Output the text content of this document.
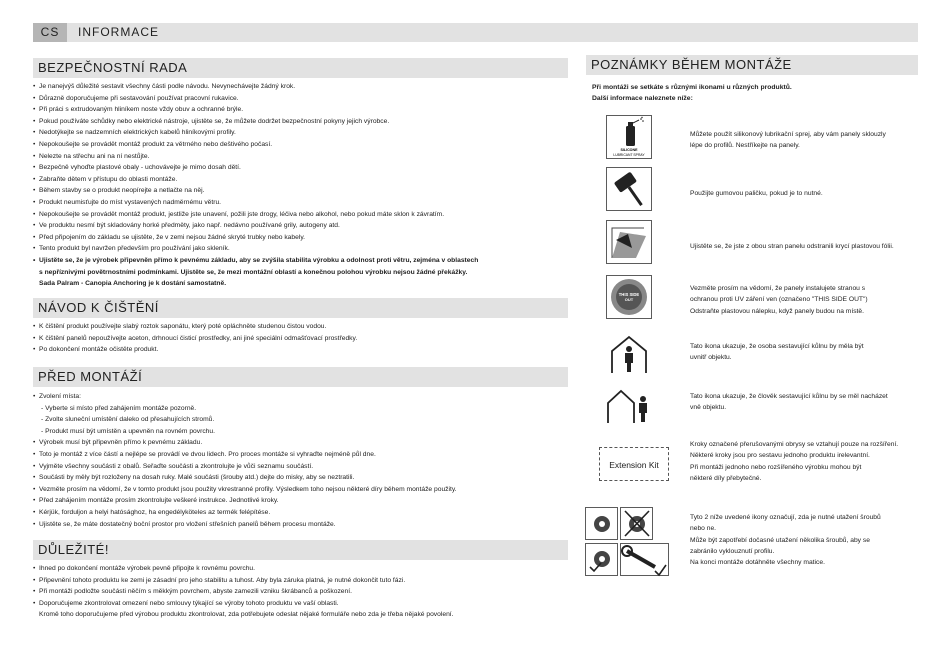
CS	INFORMACE
BEZPEČNOSTNÍ RADA
• Je nanejvýš důležité sestavit všechny části podle návodu. Nevynechávejte žádný krok.
• Důrazně doporučujeme při sestavování používat pracovní rukavice.
• Při práci s extrudovaným hliníkem noste vždy obuv a ochranné brýle.
• Pokud používáte schůdky nebo elektrické nástroje, ujistěte se, že můžete dodržet bezpečnostní pokyny jejich výrobce.
• Nedotýkejte se nadzemních elektrických kabelů hliníkovými profily.
• Nepokoušejte se provádět montáž produkt za větrného nebo deštivého počasí.
• Nelezte na střechu ani na ní nestůjte.
• Bezpečně vyhoďte plastové obaly - uchovávejte je mimo dosah dětí.
• Zabraňte dětem v přístupu do oblasti montáže.
• Během stavby se o produkt neopírejte a netlačte na něj.
• Produkt neumisťujte do míst vystavených nadměrnému větru.
• Nepokoušejte se provádět montáž produkt, jestliže jste unavení, požili jste drogy, léčiva nebo alkohol, nebo pokud máte sklon k závratím.
• Ve produktu nesmí být skladovány horké předměty, jako např. nedávno používané grily, autogeny atd.
• Před připojením do základu se ujistěte, že v zemi nejsou žádné skryté trubky nebo kabely.
• Tento produkt byl navržen především pro používání jako skleník.
• Ujistěte se, že je výrobek připevněn přímo k pevnému základu, aby se zvýšila stabilita výrobku a odolnost proti větru, zejména v oblastech
s nepříznivými povětrnostními podmínkami. Ujistěte se, že mezi montážní oblastí a konečnou polohou výrobku nejsou žádné překážky.
Sada Palram - Canopia Anchoring je k dostání samostatně.
NÁVOD K ČIŠTĚNÍ
• K čištění produkt používejte slabý roztok saponátu, který poté opláchněte studenou čistou vodou.
• K čištění panelů nepoužívejte aceton, drhnoucí čisticí prostředky, ani jiné speciální odmašťovací prostředky.
• Po dokončení montáže očistěte produkt.
PŘED MONTÁŽÍ
• Zvolení místa:
- Vyberte si místo před zahájením montáže pozorně.
- Zvolte sluneční umístění daleko od přesahujících stromů.
- Produkt musí být umístěn a upevněn na rovném povrchu.
• Výrobek musí být připevněn přímo k pevnému základu.
• Toto je montáž z více částí a nejlépe se provádí ve dvou lidech. Pro proces montáže si vyhraďte nejméně půl dne.
• Vyjměte všechny součásti z obalů. Seřaďte součásti a zkontrolujte je vůči seznamu součástí.
• Součásti by měly být rozloženy na dosah ruky. Malé součásti (šrouby atd.) dejte do misky, aby se neztratili.
• Vezměte prosím na vědomí, že v tomto produkt jsou použity vkrestranné profily. Výsledkem toho nejsou některé díry během montáže použity.
• Před zahájením montáže prosím zkontrolujte veškeré instrukce. Jednotlivé kroky.
• Kérjük, forduljon a helyi hatósághoz, ha engedélyköteles az termék felépítése.
• Ujistěte se, že máte dostatečný boční prostor pro vložení střešních panelů během procesu montáže.
DŮLEŽITÉ!
• Ihned po dokončení montáže výrobek pevně připojte k rovnému povrchu.
• Připevnění tohoto produktu ke zemi je zásadní pro jeho stabilitu a tuhost. Aby byla záruka platná, je nutné dokončit tuto fázi.
• Při montáži podložte součásti něčím s měkkým povrchem, abyste zamezili vzniku škrábanců a poškození.
• Doporučujeme zkontrolovat omezení nebo smlouvy týkající se výroby tohoto produktu ve vaší oblasti.
Kromě toho doporučujeme před výrobou produktu zkontrolovat, zda potřebujete odeslat nějaké formuláře nebo zda je třeba nějaké povolení.
POZNÁMKY BĚHEM MONTÁŽE
Při montáži se setkáte s různými ikonami u různých produktů.
Další informace naleznete níže:
SILICONE
LUBRICANT SPRAY
Můžete použít silikonový lubrikační sprej, aby vám panely sklouzly
lépe do profilů. Nestříkejte na panely.
Použijte gumovou paličku, pokud je to nutné.
Ujistěte se, že jste z obou stran panelu odstranili krycí plastovou fólii.
THIS SIDE
OUT
Vezměte prosím na vědomí, že panely instalujete stranou s
ochranou proti UV záření ven (označeno "THIS SIDE OUT")
Odstraňte plastovou nálepku, když panely budou na místě.
Tato ikona ukazuje, že osoba sestavující kůlnu by měla být
uvnitř objektu.
Tato ikona ukazuje, že člověk sestavující kůlnu by se měl nacházet
vně objektu.
Extension Kit
Kroky označené přerušovanými obrysy se vztahují pouze na rozšíření.
Některé kroky jsou pro sestavu jednoho produktu irelevantní.
Při montáži jednoho nebo rozšířeného výrobku mohou být
některé díly přebytečné.
Tyto 2 níže uvedené ikony označují, zda je nutné utažení šroubů
nebo ne.
Může být zapotřebí dočasné utažení několika šroubů, aby se
zabránilo vyklouznutí profilu.
Na konci montáže dotáhněte všechny matice.
